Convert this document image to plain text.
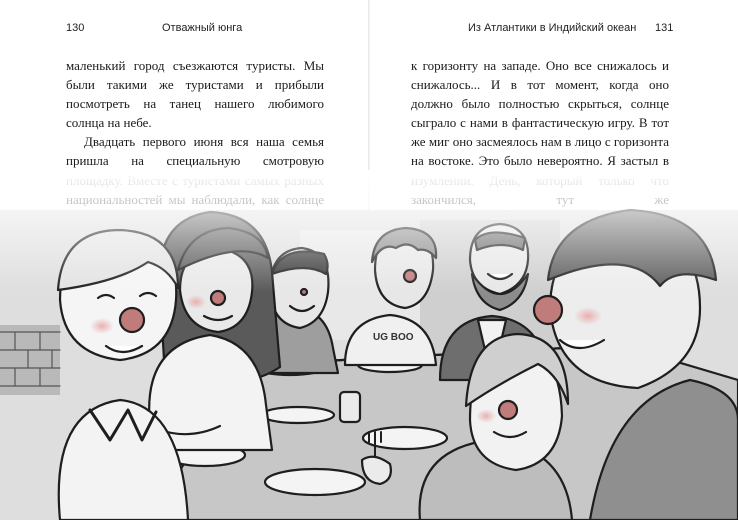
130	Отважный юнга	Из Атлантики в Индийский океан 131

маленький город съезжаются туристы. Мы были такими же туристами и прибыли посмотреть на танец нашего любимого солнца на небе.

Двадцать первого июня вся наша семья пришла на специальную смотровую

к горизонту на западе. Оно все снижалось и снижалось... И в тот момент, когда оно должно было полностью скрыться, солнце сыграло с нами в фантастическую игру. В тот же миг оно засмеялось нам в лицо с горизонта на востоке. Это было невероятно. Я застыл в
